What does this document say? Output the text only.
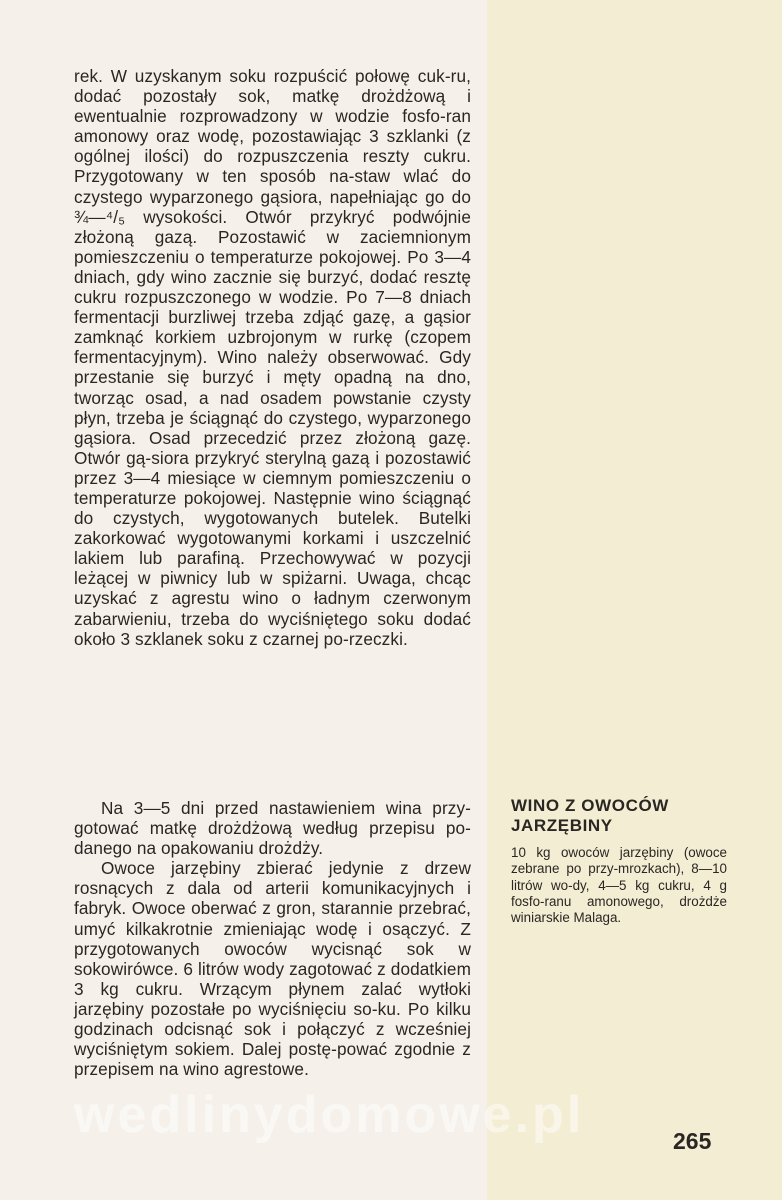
rek. W uzyskanym soku rozpuścić połowę cuk-ru, dodać pozostały sok, matkę drożdżową i ewentualnie rozprowadzony w wodzie fosfo-ran amonowy oraz wodę, pozostawiając 3 szklanki (z ogólnej ilości) do rozpuszczenia reszty cukru. Przygotowany w ten sposób na-staw wlać do czystego wyparzonego gąsiora, napełniając go do ¾—⁴/₅ wysokości. Otwór przykryć podwójnie złożoną gazą. Pozostawić w zaciemnionym pomieszczeniu o temperaturze pokojowej. Po 3—4 dniach, gdy wino zacznie się burzyć, dodać resztę cukru rozpuszczonego w wodzie. Po 7—8 dniach fermentacji burzliwej trzeba zdjąć gazę, a gąsior zamknąć korkiem uzbrojonym w rurkę (czopem fermentacyjnym). Wino należy obserwować. Gdy przestanie się burzyć i męty opadną na dno, tworząc osad, a nad osadem powstanie czysty płyn, trzeba je ściągnąć do czystego, wyparzonego gąsiora. Osad przecedzić przez złożoną gazę. Otwór gą-siora przykryć sterylną gazą i pozostawić przez 3—4 miesiące w ciemnym pomieszczeniu o temperaturze pokojowej. Następnie wino ściągnąć do czystych, wygotowanych butelek. Butelki zakorkować wygotowanymi korkami i uszczelnić lakiem lub parafiną. Przechowywać w pozycji leżącej w piwnicy lub w spiżarni. Uwaga, chcąc uzyskać z agrestu wino o ładnym czerwonym zabarwieniu, trzeba do wyciśniętego soku dodać około 3 szklanek soku z czarnej po-rzeczki.

Na 3—5 dni przed nastawieniem wina przy-gotować matkę drożdżową według przepisu po-danego na opakowaniu drożdży.

Owoce jarzębiny zbierać jedynie z drzew rosnących z dala od arterii komunikacyjnych i fabryk. Owoce oberwać z gron, starannie przebrać, umyć kilkakrotnie zmieniając wodę i osączyć. Z przygotowanych owoców wycisnąć sok w sokowirówce. 6 litrów wody zagotować z dodatkiem 3 kg cukru. Wrzącym płynem zalać wytłoki jarzębiny pozostałe po wyciśnięciu so-ku. Po kilku godzinach odcisnąć sok i połączyć z wcześniej wyciśniętym sokiem. Dalej postę-pować zgodnie z przepisem na wino agrestowe.

WINO Z OWOCÓW JARZĘBINY

10 kg owoców jarzębiny (owoce zebrane po przy-mrozkach), 8—10 litrów wo-dy, 4—5 kg cukru, 4 g fosfo-ranu amonowego, drożdże winiarskie Malaga.

wedlinydomowe.pl	265
